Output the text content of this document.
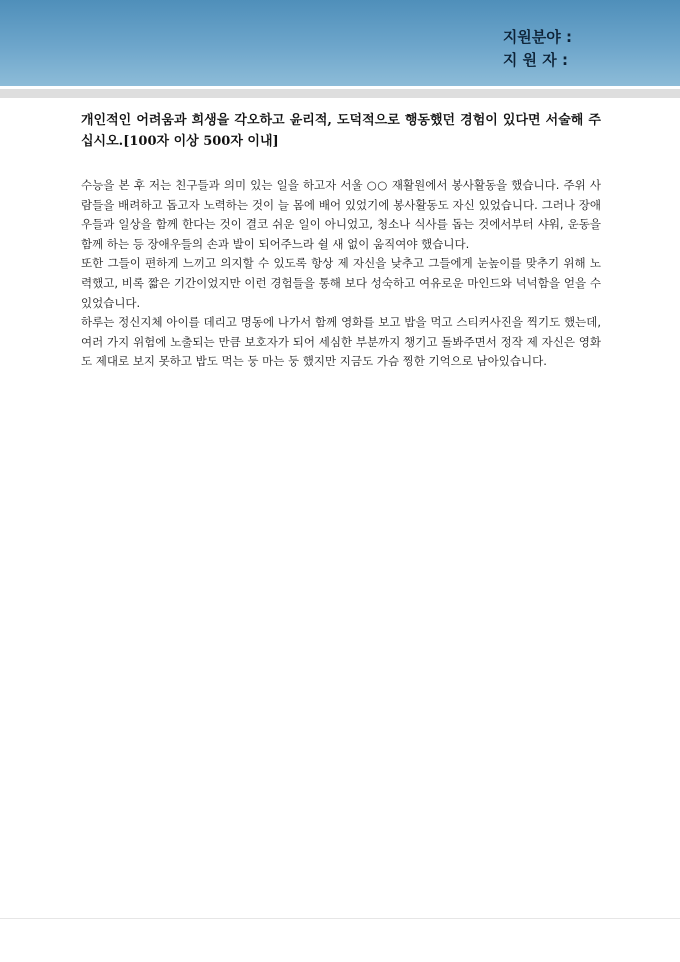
지원분야 :
지 원 자 :
개인적인 어려움과 희생을 각오하고 윤리적, 도덕적으로 행동했던 경험이 있다면 서술해 주십시오.[100자 이상 500자 이내]

수능을 본 후 저는 친구들과 의미 있는 일을 하고자 서울 ○○ 재활원에서 봉사활동을 했습니다. 주위 사람들을 배려하고 돕고자 노력하는 것이 늘 몸에 배어 있었기에 봉사활동도 자신 있었습니다. 그러나 장애우들과 일상을 함께 한다는 것이 결코 쉬운 일이 아니었고, 청소나 식사를 돕는 것에서부터 샤워, 운동을 함께 하는 등 장애우들의 손과 발이 되어주느라 쉴 새 없이 움직여야 했습니다.

또한 그들이 편하게 느끼고 의지할 수 있도록 항상 제 자신을 낮추고 그들에게 눈높이를 맞추기 위해 노력했고, 비록 짧은 기간이었지만 이런 경험들을 통해 보다 성숙하고 여유로운 마인드와 넉넉함을 얻을 수 있었습니다.

하루는 정신지체 아이를 데리고 명동에 나가서 함께 영화를 보고 밥을 먹고 스티커사진을 찍기도 했는데, 여러 가지 위험에 노출되는 만큼 보호자가 되어 세심한 부분까지 챙기고 돌봐주면서 정작 제 자신은 영화도 제대로 보지 못하고 밥도 먹는 둥 마는 둥 했지만 지금도 가슴 찡한 기억으로 남아있습니다.
